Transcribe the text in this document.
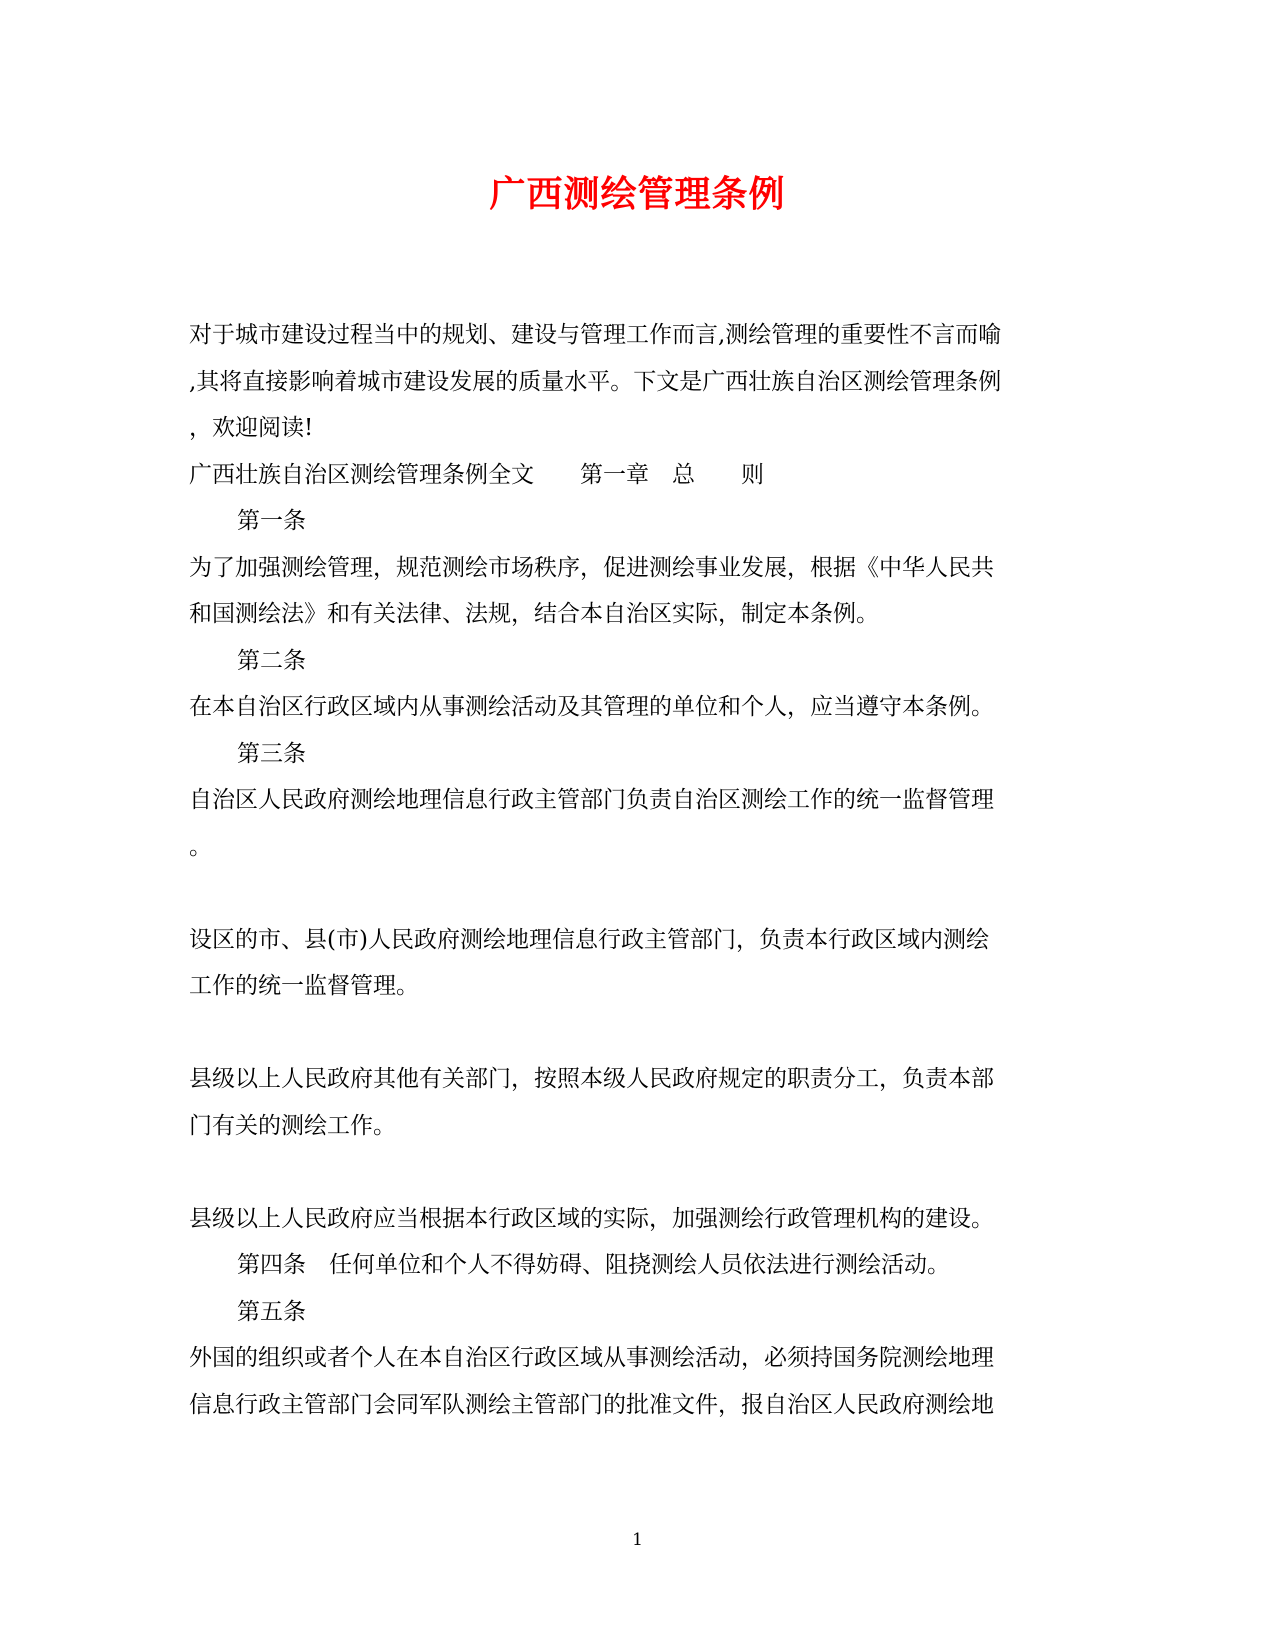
广西测绘管理条例
对于城市建设过程当中的规划、建设与管理工作而言,测绘管理的重要性不言而喻
,其将直接影响着城市建设发展的质量水平。下文是广西壮族自治区测绘管理条例
，欢迎阅读!
广西壮族自治区测绘管理条例全文　　第一章　总　　则
第一条
为了加强测绘管理，规范测绘市场秩序，促进测绘事业发展，根据《中华人民共
和国测绘法》和有关法律、法规，结合本自治区实际，制定本条例。
第二条
在本自治区行政区域内从事测绘活动及其管理的单位和个人，应当遵守本条例。
第三条
自治区人民政府测绘地理信息行政主管部门负责自治区测绘工作的统一监督管理
。
设区的市、县(市)人民政府测绘地理信息行政主管部门，负责本行政区域内测绘
工作的统一监督管理。
县级以上人民政府其他有关部门，按照本级人民政府规定的职责分工，负责本部
门有关的测绘工作。
县级以上人民政府应当根据本行政区域的实际，加强测绘行政管理机构的建设。
第四条　任何单位和个人不得妨碍、阻挠测绘人员依法进行测绘活动。
第五条
外国的组织或者个人在本自治区行政区域从事测绘活动，必须持国务院测绘地理
信息行政主管部门会同军队测绘主管部门的批准文件，报自治区人民政府测绘地
1
